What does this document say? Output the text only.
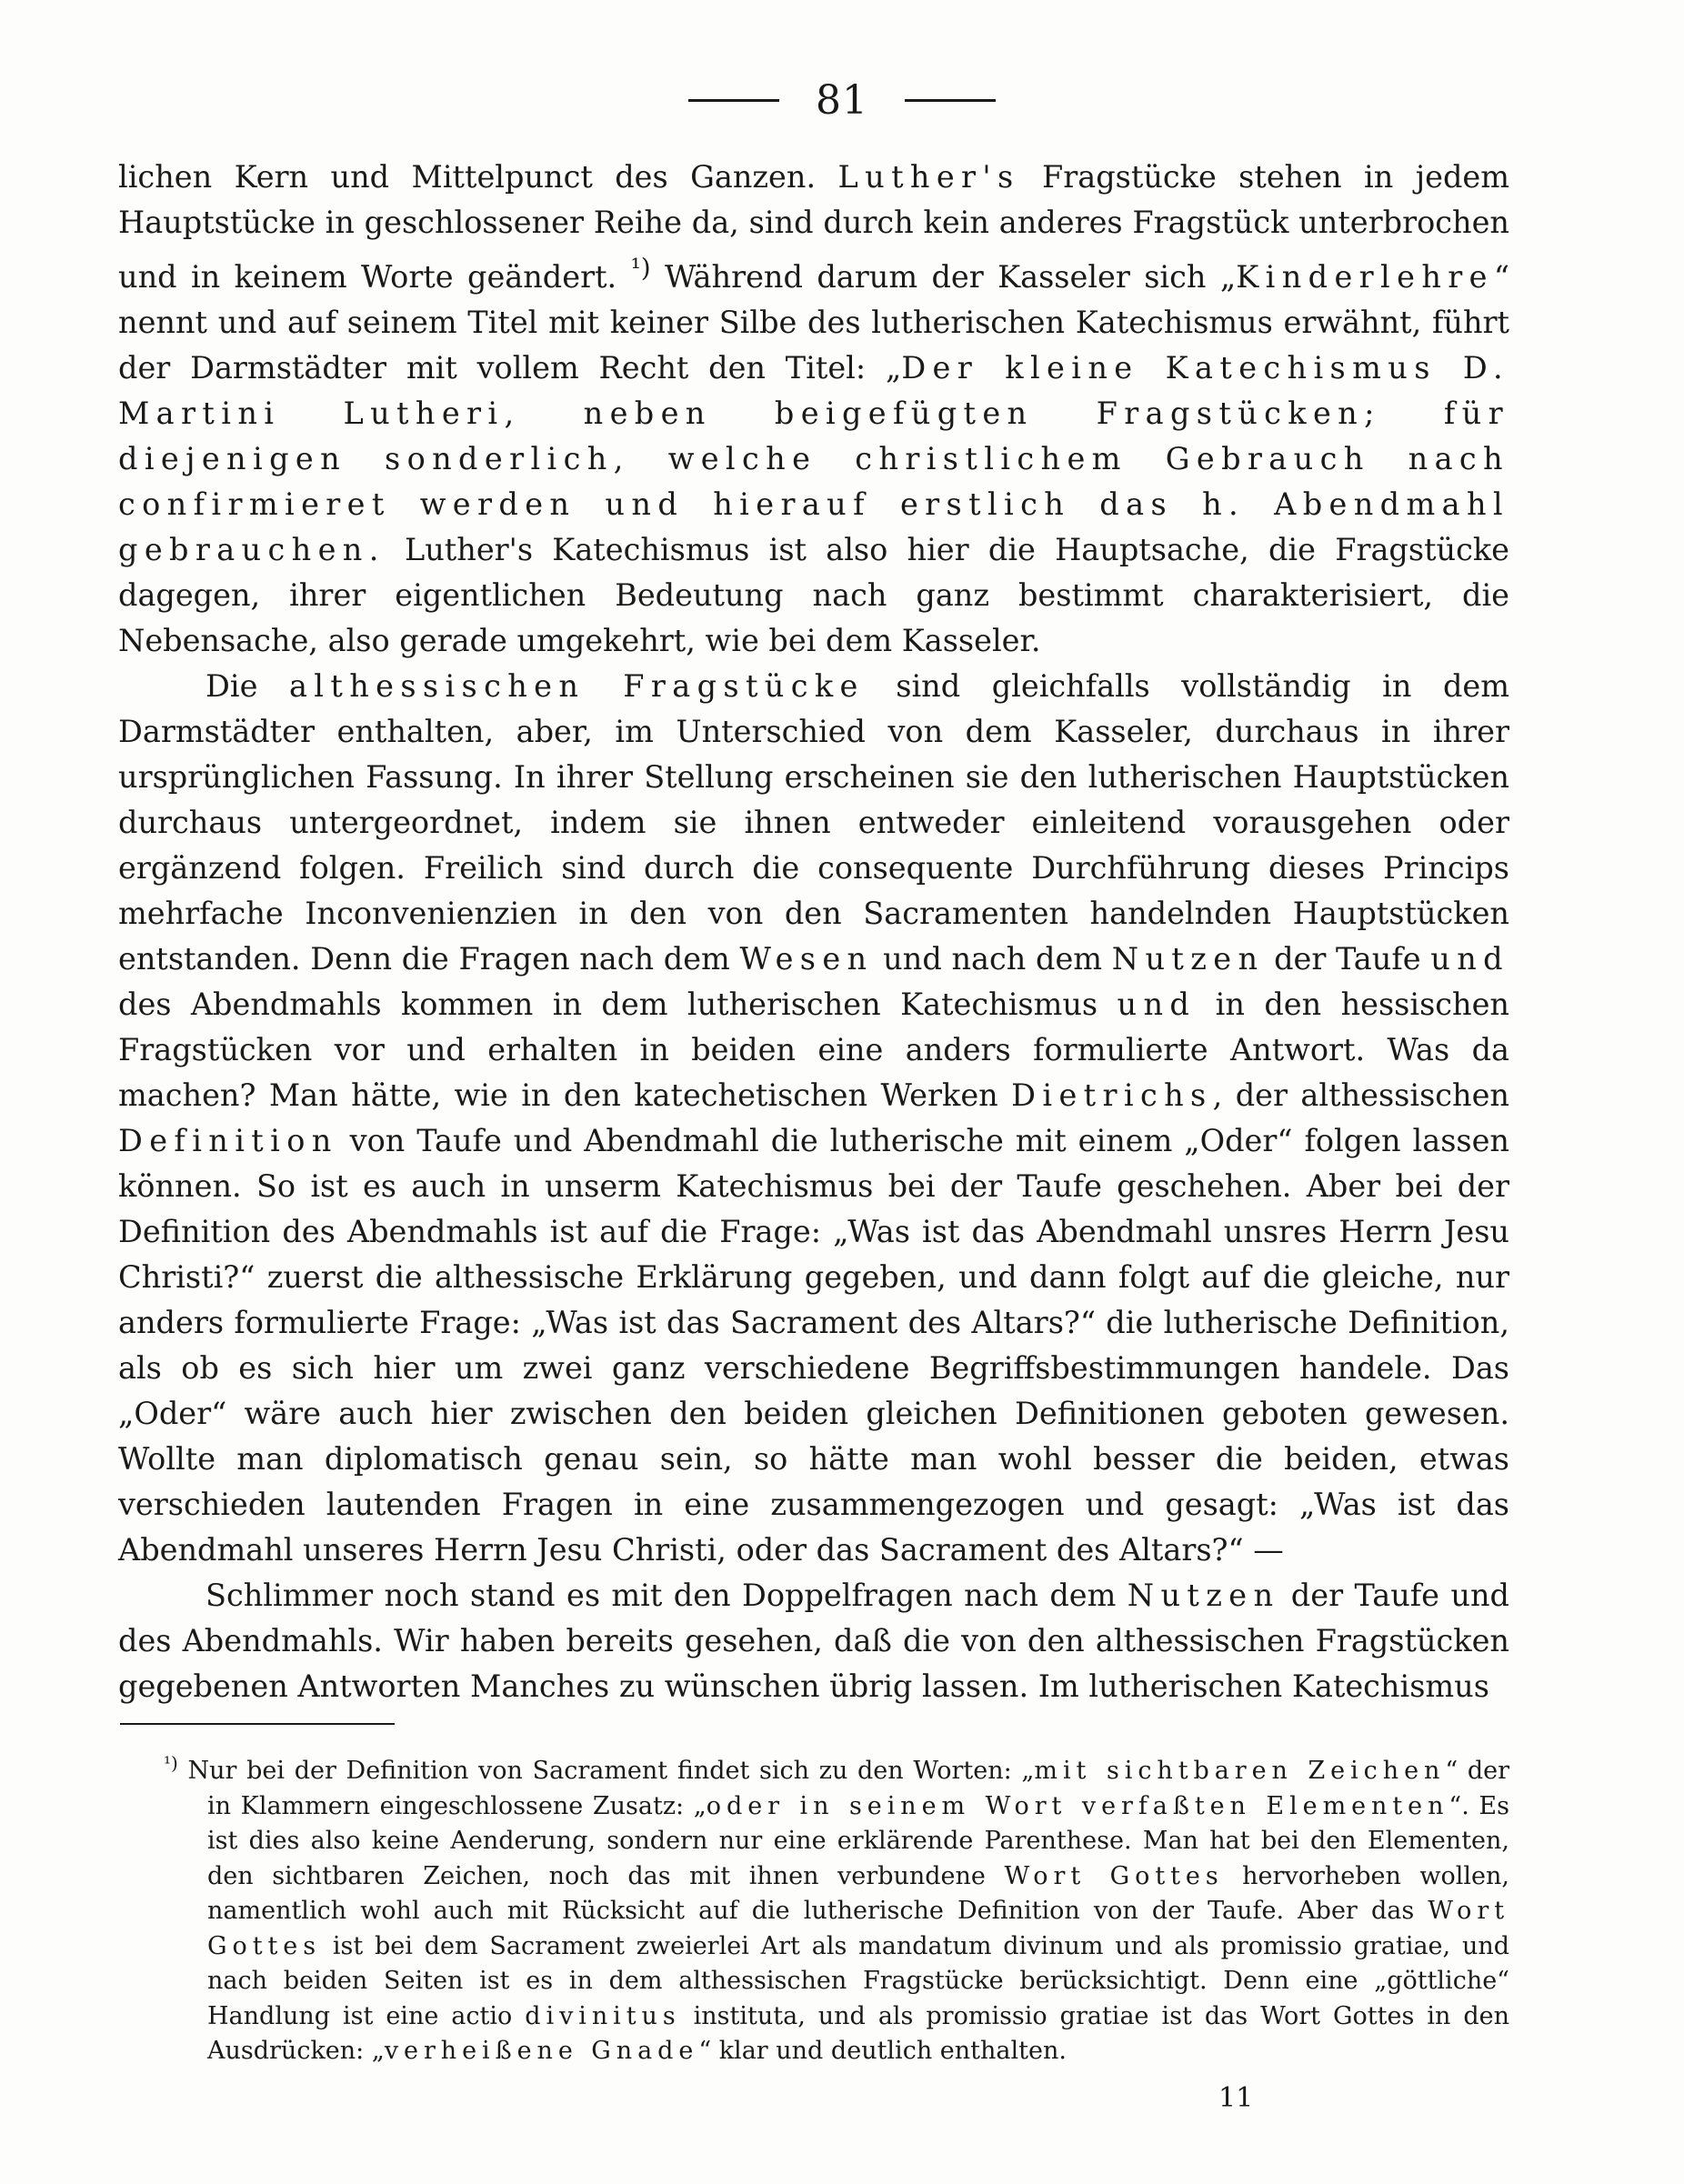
81

lichen Kern und Mittelpunct des Ganzen. Luther's Fragstücke stehen in jedem Hauptstücke in geschlossener Reihe da, sind durch kein anderes Fragstück unterbrochen und in keinem Worte geändert. $^{^1)}$ Während darum der Kasseler sich „Kinderlehre“ nennt und auf seinem Titel mit keiner Silbe des lutherischen Katechismus erwähnt, führt der Darmstädter mit vollem Recht den Titel: „Der kleine Katechismus D. Martini Lutheri, neben beigefügten Fragstücken; für diejenigen sonderlich, welche christlichem Gebrauch nach confirmieret werden und hierauf erstlich das h. Abendmahl gebrauchen. Luther's Katechismus ist also hier die Hauptsache, die Fragstücke dagegen, ihrer eigentlichen Bedeutung nach ganz bestimmt charakterisiert, die Nebensache, also gerade umgekehrt, wie bei dem Kasseler.

Die althessischen Fragstücke sind gleichfalls vollständig in dem Darmstädter enthalten, aber, im Unterschied von dem Kasseler, durchaus in ihrer ursprünglichen Fassung. In ihrer Stellung erscheinen sie den lutherischen Hauptstücken durchaus untergeordnet, indem sie ihnen entweder einleitend vorausgehen oder ergänzend folgen. Freilich sind durch die consequente Durchführung dieses Princips mehrfache Inconvenienzien in den von den Sacramenten handelnden Hauptstücken entstanden. Denn die Fragen nach dem Wesen und nach dem Nutzen der Taufe und des Abendmahls kommen in dem lutherischen Katechismus und in den hessischen Fragstücken vor und erhalten in beiden eine anders formulierte Antwort. Was da machen? Man hätte, wie in den katechetischen Werken Dietrichs, der althessischen Definition von Taufe und Abendmahl die lutherische mit einem „Oder“ folgen lassen können. So ist es auch in unserm Katechismus bei der Taufe geschehen. Aber bei der Definition des Abendmahls ist auf die Frage: „Was ist das Abendmahl unsres Herrn Jesu Christi?“ zuerst die althessische Erklärung gegeben, und dann folgt auf die gleiche, nur anders formulierte Frage: „Was ist das Sacrament des Altars?“ die lutherische Definition, als ob es sich hier um zwei ganz verschiedene Begriffsbestimmungen handele. Das „Oder“ wäre auch hier zwischen den beiden gleichen Definitionen geboten gewesen. Wollte man diplomatisch genau sein, so hätte man wohl besser die beiden, etwas verschieden lautenden Fragen in eine zusammengezogen und gesagt: „Was ist das Abendmahl unseres Herrn Jesu Christi, oder das Sacrament des Altars?“ —

Schlimmer noch stand es mit den Doppelfragen nach dem Nutzen der Taufe und des Abendmahls. Wir haben bereits gesehen, daß die von den althessischen Fragstücken gegebenen Antworten Manches zu wünschen übrig lassen. Im lutherischen Katechismus

$^{^1)}$ Nur bei der Definition von Sacrament findet sich zu den Worten: „mit sichtbaren Zeichen“ der in Klammern eingeschlossene Zusatz: „oder in seinem Wort verfaßten Elementen“. Es ist dies also keine Aenderung, sondern nur eine erklärende Parenthese. Man hat bei den Elementen, den sichtbaren Zeichen, noch das mit ihnen verbundene Wort Gottes hervorheben wollen, namentlich wohl auch mit Rücksicht auf die lutherische Definition von der Taufe. Aber das Wort Gottes ist bei dem Sacrament zweierlei Art als mandatum divinum und als promissio gratiae, und nach beiden Seiten ist es in dem althessischen Fragstücke berücksichtigt. Denn eine „göttliche“ Handlung ist eine actio divinitus instituta, und als promissio gratiae ist das Wort Gottes in den Ausdrücken: „verheißene Gnade“ klar und deutlich enthalten.

11
